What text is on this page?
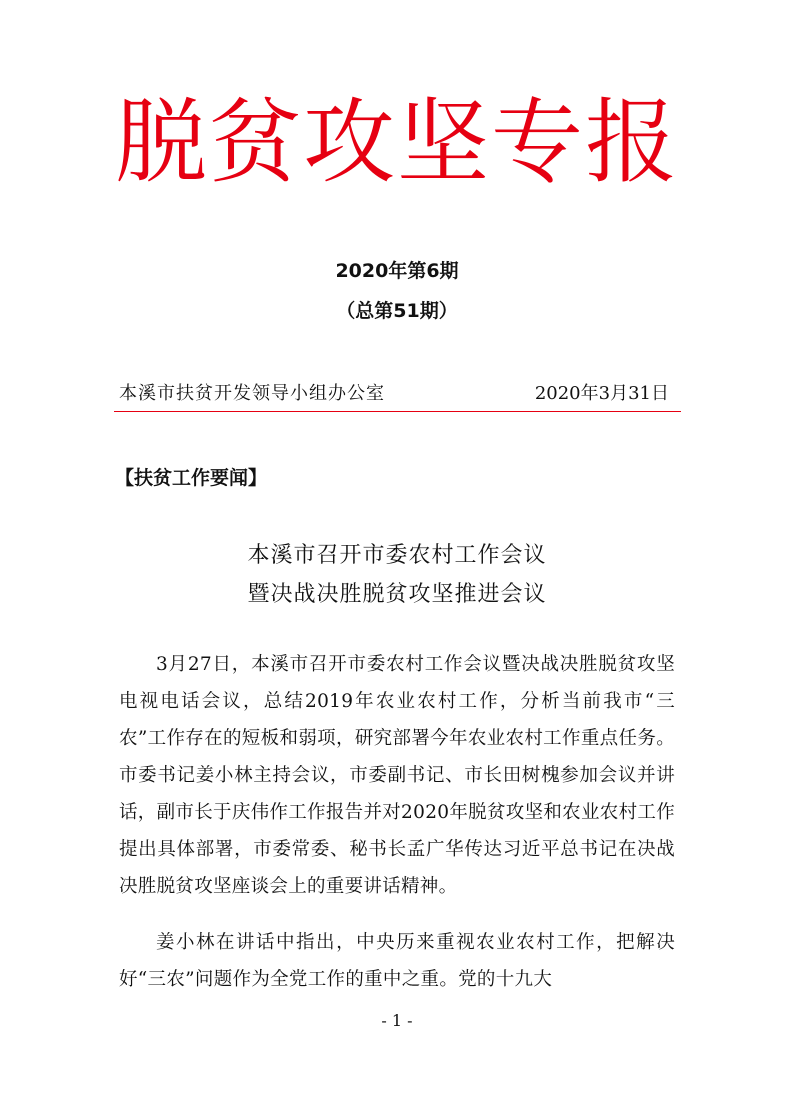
脱贫攻坚专报
2020年第6期
（总第51期）
本溪市扶贫开发领导小组办公室	2020年3月31日
【扶贫工作要闻】
本溪市召开市委农村工作会议
暨决战决胜脱贫攻坚推进会议

3月27日，本溪市召开市委农村工作会议暨决战决胜脱贫攻坚电视电话会议，总结2019年农业农村工作，分析当前我市“三农”工作存在的短板和弱项，研究部署今年农业农村工作重点任务。市委书记姜小林主持会议，市委副书记、市长田树槐参加会议并讲话，副市长于庆伟作工作报告并对2020年脱贫攻坚和农业农村工作提出具体部署，市委常委、秘书长孟广华传达习近平总书记在决战决胜脱贫攻坚座谈会上的重要讲话精神。

姜小林在讲话中指出，中央历来重视农业农村工作，把解决好“三农”问题作为全党工作的重中之重。党的十九大

- 1 -
